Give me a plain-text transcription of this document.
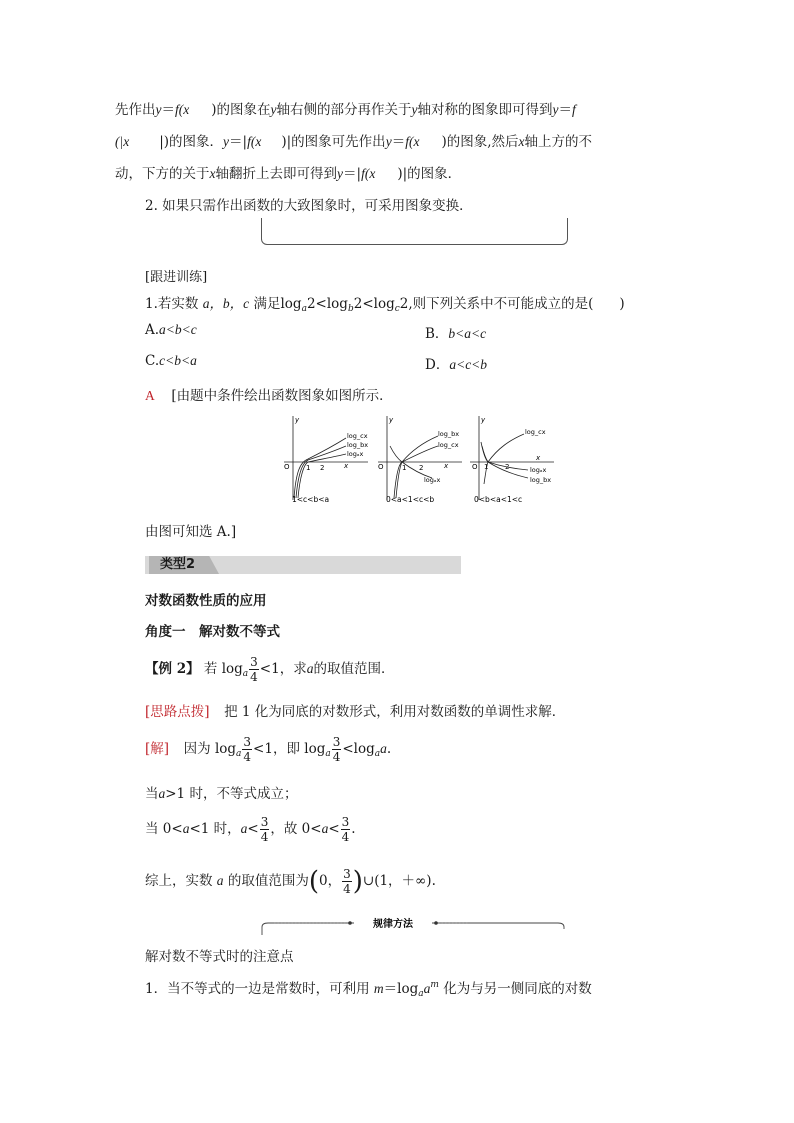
先作出y＝f(x )的图象在y轴右侧的部分再作关于y轴对称的图象即可得到y＝f
(|x |)的图象．y＝|f(x )|的图象可先作出y＝f(x )的图象,然后x轴上方的不
动，下方的关于x轴翻折上去即可得到y＝|f(x )|的图象．
2. 如果只需作出函数的大致图象时，可采用图象变换．
[跟进训练]
1.若实数 a，b，c 满足$\log_a2<\log_b2<\log_c2$,则下列关系中不可能成立的是( )
A.a<b<c	B．b<a<c
C.c<b<a	D．a<c<b
A [由题中条件绘出函数图象如图所示．
y
x
O 1 2
log_cx
log_bx
logₐx
1<c<b<a
y
x
O	1 2
log_bx
log_cx
logₐx
0<a<1<c<b
y
x
O 1 2
log_cx
logₐx
log_bx
0<b<a<1<c
由图可知选 A.]
类型2
对数函数性质的应用
角度一　解对数不等式
【例 2】 若 $\log_a \frac{3}{4} <1$，求a的取值范围．
[思路点拨] 把 1 化为同底的对数形式，利用对数函数的单调性求解．
[解] 因为 $\log_a \frac{3}{4} <1$，即 $\log_a \frac{3}{4} <\log_aa$.
当a>1 时，不等式成立；
当 0<a<1 时，$a< \frac{3}{4}$ ，故 $0<a< \frac{3}{4}$ .
综上，实数 a 的取值范围为(0， $\frac{3}{4}$ )∪(1，＋∞).
规律方法
解对数不等式时的注意点
1．当不等式的一边是常数时，可利用 $m=\log_aa^m$ 化为与另一侧同底的对数
